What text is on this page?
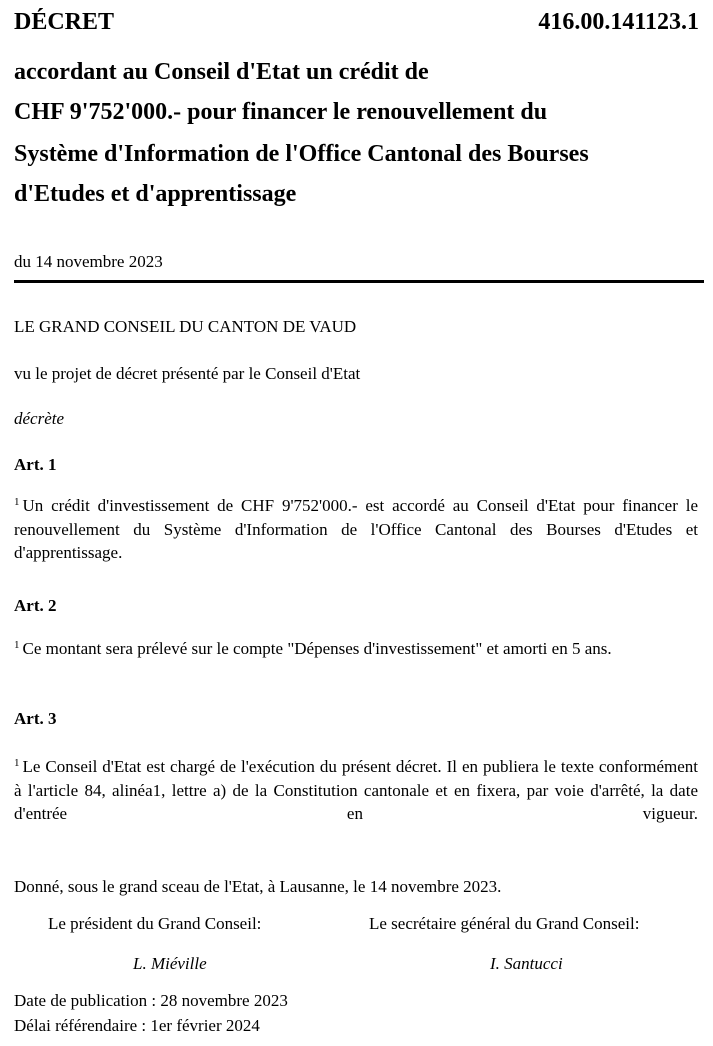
DÉCRET	416.00.141123.1
accordant au Conseil d'Etat un crédit de
CHF 9'752'000.- pour financer le renouvellement du
Système d'Information de l'Office Cantonal des Bourses
d'Etudes et d'apprentissage
du 14 novembre 2023
LE GRAND CONSEIL DU CANTON DE VAUD
vu le projet de décret présenté par le Conseil d'Etat
décrète
Art. 1
$^1$ Un crédit d'investissement de CHF 9'752'000.- est accordé au Conseil d'Etat pour financer le renouvellement du Système d'Information de l'Office Cantonal des Bourses d'Etudes et d'apprentissage.
Art. 2
$^1$ Ce montant sera prélevé sur le compte "Dépenses d'investissement" et amorti en 5 ans.
Art. 3
$^1$ Le Conseil d'Etat est chargé de l'exécution du présent décret. Il en publiera le texte conformément à l'article 84, alinéa1, lettre a) de la Constitution cantonale et en fixera, par voie d'arrêté, la date d'entrée en vigueur.
Donné, sous le grand sceau de l'Etat, à Lausanne, le 14 novembre 2023.
Le président du Grand Conseil:	Le secrétaire général du Grand Conseil:
L. Miéville	I. Santucci
Date de publication : 28 novembre 2023
Délai référendaire : 1er février 2024
